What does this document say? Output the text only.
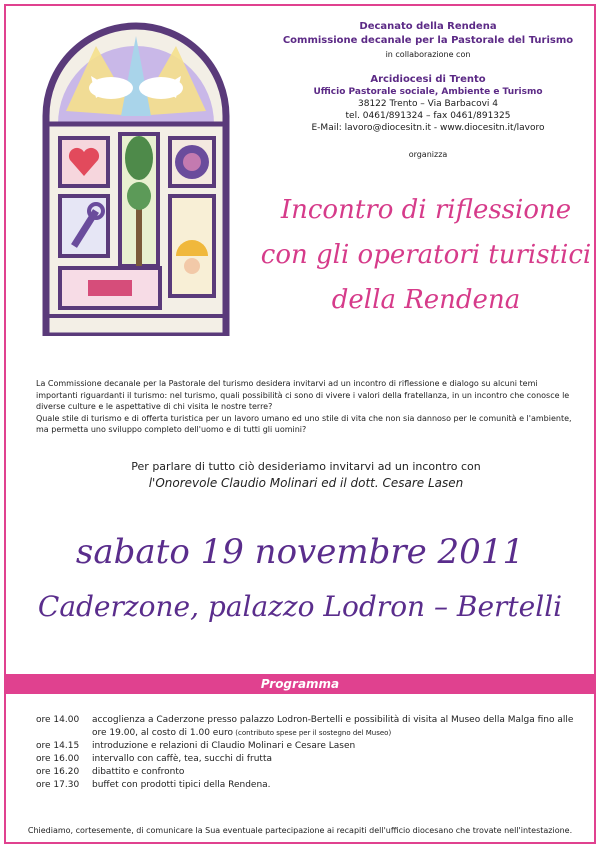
Decanato della Rendena
Commissione decanale per la Pastorale del Turismo
in collaborazione con
Arcidiocesi di Trento
Ufficio Pastorale sociale, Ambiente e Turismo
38122 Trento – Via Barbacovi 4
tel. 0461/891324 – fax 0461/891325
E-Mail: lavoro@diocesitn.it - www.diocesitn.it/lavoro
organizza
Incontro di riflessione
con gli operatori turistici
della Rendena
La Commissione decanale per la Pastorale del turismo desidera invitarvi ad un incontro di riflessione e dialogo su alcuni temi importanti riguardanti il turismo: nel turismo, quali possibilità ci sono di vivere i valori della fratellanza, in un incontro che conosce le diverse culture e le aspettative di chi visita le nostre terre?
Quale stile di turismo e di offerta turistica per un lavoro umano ed uno stile di vita che non sia dannoso per le comunità e l'ambiente, ma permetta uno sviluppo completo dell'uomo e di tutti gli uomini?
Per parlare di tutto ciò desideriamo invitarvi ad un incontro con
l'Onorevole Claudio Molinari ed il dott. Cesare Lasen
sabato 19 novembre 2011
Caderzone, palazzo Lodron – Bertelli
Programma
ore 14.00	accoglienza a Caderzone presso palazzo Lodron-Bertelli e possibilità di visita al Museo della Malga fino alle ore 19.00, al costo di 1.00 euro (contributo spese per il sostegno del Museo)
ore 14.15	introduzione e relazioni di Claudio Molinari e Cesare Lasen
ore 16.00	intervallo con caffè, tea, succhi di frutta
ore 16.20	dibattito e confronto
ore 17.30	buffet con prodotti tipici della Rendena.
Chiediamo, cortesemente, di comunicare la Sua eventuale partecipazione ai recapiti dell'ufficio diocesano che trovate nell'intestazione.
